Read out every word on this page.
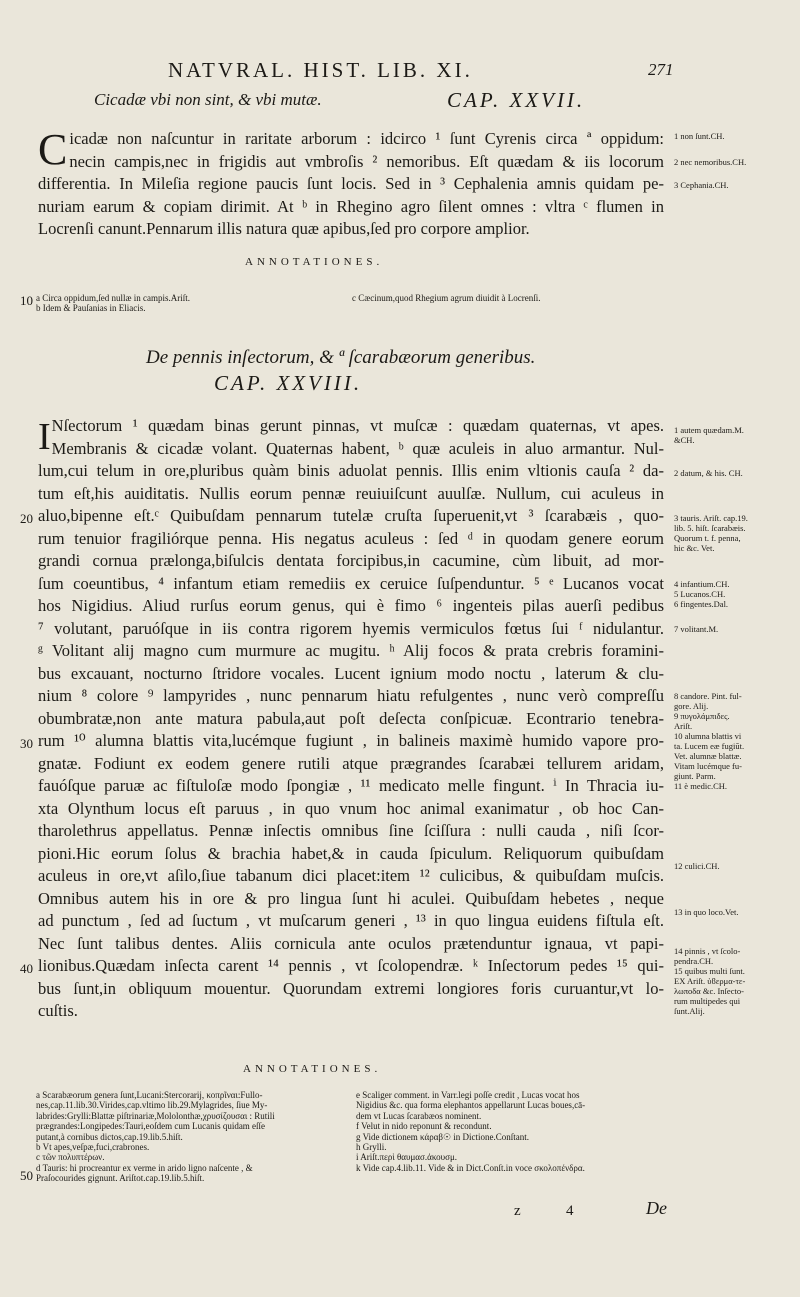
NATVRAL. HIST. LIB. XI.	271
Cicadæ vbi non sint, & vbi mutæ.	CAP. XXVII.
C icadæ non naſcuntur in raritate arborum : idcirco ¹ ſunt Cyrenis circa ª oppidum:
necin campis,nec in frigidis aut vmbroſis ² nemoribus. Eſt quædam & iis locorum
differentia. In Mileſia regione paucis ſunt locis. Sed in ³ Cephalenia amnis quidam pe-
nuriam earum & copiam dirimit. At ᵇ in Rhegino agro ſilent omnes : vltra ᶜ flumen in
Locrenſi canunt.Pennarum illis natura quæ apibus,ſed pro corpore amplior.
1 non ſunt.CH.
2 nec nemoribus.CH.
3 Cephania.CH.
ANNOTATIONES.
10 a Circa oppidum,ſed nullæ in campis.Ariſt.
b Idem & Pauſanias in Eliacis.
c Cæcinum,quod Rhegium agrum diuidit à Locrenſi.
De pennis inſectorum, & ª ſcarabæorum generibus.
CAP. XXVIII.
I Nſectorum ¹ quædam binas gerunt pinnas, vt muſcæ : quædam quaternas, vt apes.
Membranis & cicadæ volant. Quaternas habent, ᵇ quæ aculeis in aluo armantur. Nul-
lum,cui telum in ore,pluribus quàm binis aduolat pennis. Illis enim vltionis cauſa ² da-
tum eſt,his auiditatis. Nullis eorum pennæ reuiuiſcunt auulſæ. Nullum, cui aculeus in
aluo,bipenne eſt.ᶜ Quibuſdam pennarum tutelæ cruſta ſuperuenit,vt ³ ſcarabæis , quo-
rum tenuior fragiliórque penna. His negatus aculeus : ſed ᵈ in quodam genere eorum
grandi cornua prælonga,biſulcis dentata forcipibus,in cacumine, cùm libuit, ad mor-
ſum coeuntibus, ⁴ infantum etiam remediis ex ceruice ſuſpenduntur. ⁵ ᵉ Lucanos vocat
hos Nigidius. Aliud rurſus eorum genus, qui è fimo ⁶ ingenteis pilas auerſi pedibus
⁷ volutant, paruóſque in iis contra rigorem hyemis vermiculos fœtus ſui ᶠ nidulantur.
ᵍ Volitant alij magno cum murmure ac mugitu. ʰ Alij focos & prata crebris foramini-
bus excauant, nocturno ſtridore vocales. Lucent ignium modo noctu , laterum & clu-
nium ⁸ colore ⁹ lampyrides , nunc pennarum hiatu refulgentes , nunc verò compreſſu
obumbratæ,non ante matura pabula,aut poſt deſecta conſpicuæ. Econtrario tenebra-
rum ¹⁰ alumna blattis vita,lucémque fugiunt , in balineis maximè humido vapore pro-
gnatæ. Fodiunt ex eodem genere rutili atque prægrandes ſcarabæi tellurem aridam,
fauóſque paruæ ac fiſtuloſæ modo ſpongiæ , ¹¹ medicato melle fingunt. ⁱ In Thracia iu-
xta Olynthum locus eſt paruus , in quo vnum hoc animal exanimatur , ob hoc Can-
tharolethrus appellatus. Pennæ inſectis omnibus ſine ſciſſura : nulli cauda , niſi ſcor-
pioni.Hic eorum ſolus & brachia habet,& in cauda ſpiculum. Reliquorum quibuſdam
aculeus in ore,vt aſilo,ſiue tabanum dici placet:item ¹² culicibus, & quibuſdam muſcis.
Omnibus autem his in ore & pro lingua ſunt hi aculei. Quibuſdam hebetes , neque
ad punctum , ſed ad ſuctum , vt muſcarum generi , ¹³ in quo lingua euidens fiſtula eſt.
Nec ſunt talibus dentes. Aliis cornicula ante oculos prætenduntur ignaua, vt papi-
lionibus.Quædam inſecta carent ¹⁴ pennis , vt ſcolopendræ. ᵏ Inſectorum pedes ¹⁵ qui-
bus ſunt,in obliquum mouentur. Quorundam extremi longiores foris curuantur,vt lo-
cuſtis.
20
30
40
1 autem quædam.M.
&CH.
2 datum, & his. CH.
3 tauris. Ariſt. cap.19.
lib. 5. hiſt. ſcarabæis.
Quorum t. f. penna,
hic &c. Vet.
4 infantium.CH.
5 Lucanos.CH.
6 fingentes.Dal.
7 volitant.M.
8 candore. Pint. ful-
gore. Alij.
9 πυγολάμπιδες.
Ariſt.
10 alumna blattis vi
ta. Lucem eæ fugiūt.
Vet. alumnæ blattæ.
Vitam lucémque fu-
giunt. Parm.
11 è medic.CH.
12 culici.CH.
13 in quo loco.Vet.
14 pinnis , vt ſcolo-
pendra.CH.
15 quibus multi ſunt.
EX Ariſt. ὑϐερμα-τε-
λωποδα &c. Inſecto-
rum multipedes qui
ſunt.Alij.
ANNOTATIONES.
a Scarabæorum genera ſunt,Lucani:Stercorarij, κοπρῖναι:Fullo-
nes,cap.11.lib.30.Virides,cap.vltimo lib.29.Mylagrides, ſiue My-
labrides:Grylli:Blattæ piſtrinariæ,Mololonthæ,χρυσίζουσαι : Rutili
prægrandes:Longipedes:Tauri,eoſdem cum Lucanis quidam eſſe
putant,à cornibus dictos,cap.19.lib.5.hiſt.
b Vt apes,veſpæ,fuci,crabrones.
c τῶν πολυπτέρων.
d Tauris: hi procreantur ex verme in arido ligno naſcente , &
Praſocourides gignunt. Ariſtot.cap.19.lib.5.hiſt.
50
e Scaliger comment. in Varr.legi poſſe credit , Lucas vocat hos
Nigidius &c. qua forma elephantos appellarunt Lucas boues,cā-
dem vt Lucas ſcarabæos nominent.
f Velut in nido reponunt & recondunt.
g Vide dictionem κάραβ☉ in Dictione.Conſtant.
h Grylli.
i Ariſt.περὶ θαυμασ.ἀκουσμ.
k Vide cap.4.lib.11. Vide & in Dict.Conſt.in voce σκολοπένδρα.
z	4	De
